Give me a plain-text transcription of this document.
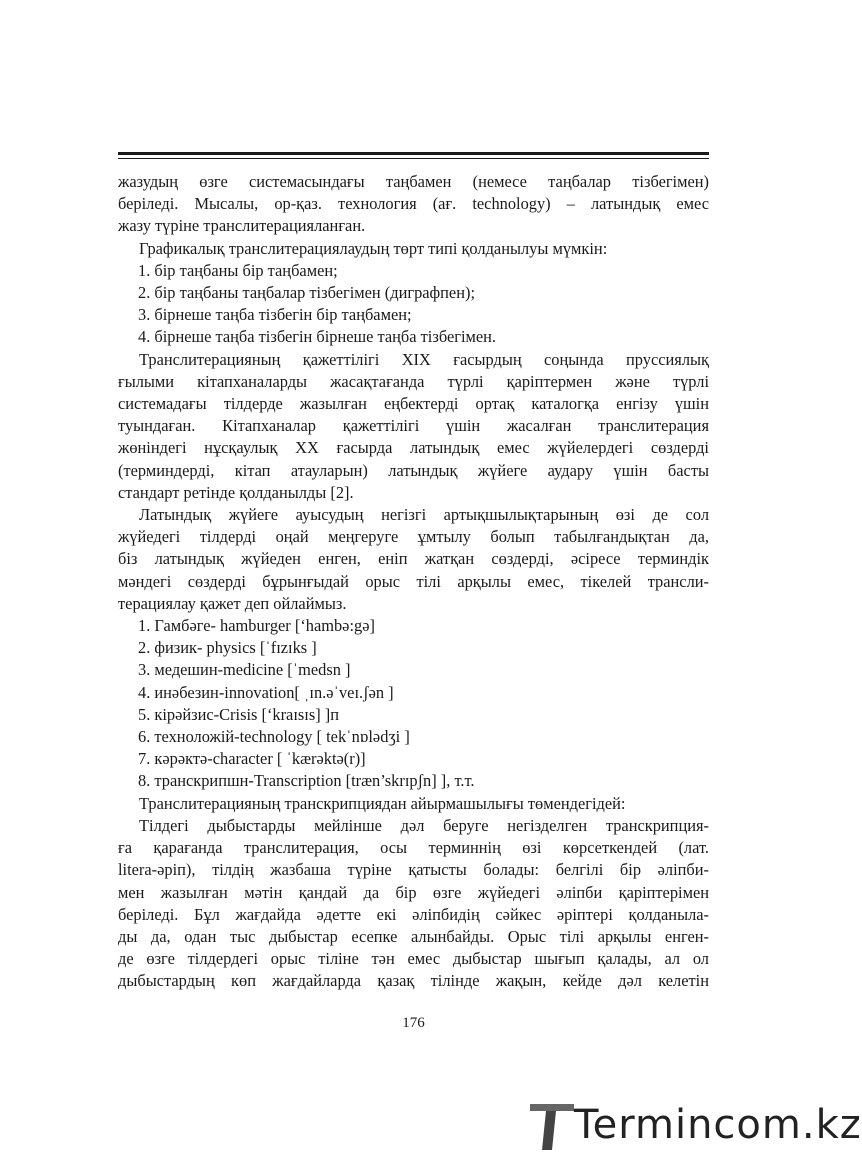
жазудың өзге системасындағы таңбамен (немесе таңбалар тізбегімен)

беріледі. Мысалы, ор-қаз. технология (ағ. technology) – латындық емес

жазу түріне транслитерацияланған.

Графикалық транслитерациялаудың төрт типі қолданылуы мүмкін:

1. бір таңбаны бір таңбамен;

2. бір таңбаны таңбалар тізбегімен (диграфпен);

3. бірнеше таңба тізбегін бір таңбамен;

4. бірнеше таңба тізбегін бірнеше таңба тізбегімен.

Транслитерацияның қажеттілігі XIX ғасырдың соңында пруссиялық

ғылыми кітапханаларды жасақтағанда түрлі қаріптермен және түрлі

системадағы тілдерде жазылған еңбектерді ортақ каталогқа енгізу үшін

туындаған. Кітапханалар қажеттілігі үшін жасалған транслитерация

жөніндегі нұсқаулық XX ғасырда латындық емес жүйелердегі сөздерді

(терминдерді, кітап атауларын) латындық жүйеге аудару үшін басты

стандарт ретінде қолданылды [2].

Латындық жүйеге ауысудың негізгі артықшылықтарының өзі де сол

жүйедегі тілдерді оңай меңгеруге ұмтылу болып табылғандықтан да,

біз латындық жүйеден енген, еніп жатқан сөздерді, әсіресе терминдік

мәндегі сөздерді бұрынғыдай орыс тілі арқылы емес, тікелей трансли-

терациялау қажет деп ойлаймыз.

1. Гамбәге- hamburger [‘hambə:gə]

2. физик- physics [ˈfɪzɪks ]

3. медешин-medicine [ˈmedsn ]

4. инәбезин-innovation[ ˌɪn.əˈveɪ.ʃən ]

5. кірәйзис-Crisis [‘kraɪsɪs] ]п

6. техноложій-technology [ tekˈnɒlədʒi ]

7. кәрәктә-character [ ˈkærəktə(r)]

8. транскрипшн-Transcription [træn’skrɪpʃn] ], т.т.

Транслитерацияның транскрипциядан айырмашылығы төмендегідей:

Тілдегі дыбыстарды мейлінше дәл беруге негізделген транскрипция-

ға қарағанда транслитерация, осы терминнің өзі көрсеткендей (лат.

litera-әріп), тілдің жазбаша түріне қатысты болады: белгілі бір әліпби-

мен жазылған мәтін қандай да бір өзге жүйедегі әліпби қаріптерімен

беріледі. Бұл жағдайда әдетте екі әліпбидің сәйкес әріптері қолданыла-

ды да, одан тыс дыбыстар есепке алынбайды. Орыс тілі арқылы енген-

де өзге тілдердегі орыс тіліне тән емес дыбыстар шығып қалады, ал ол

дыбыстардың көп жағдайларда қазақ тілінде жақын, кейде дәл келетін

176
Termincom.kz
